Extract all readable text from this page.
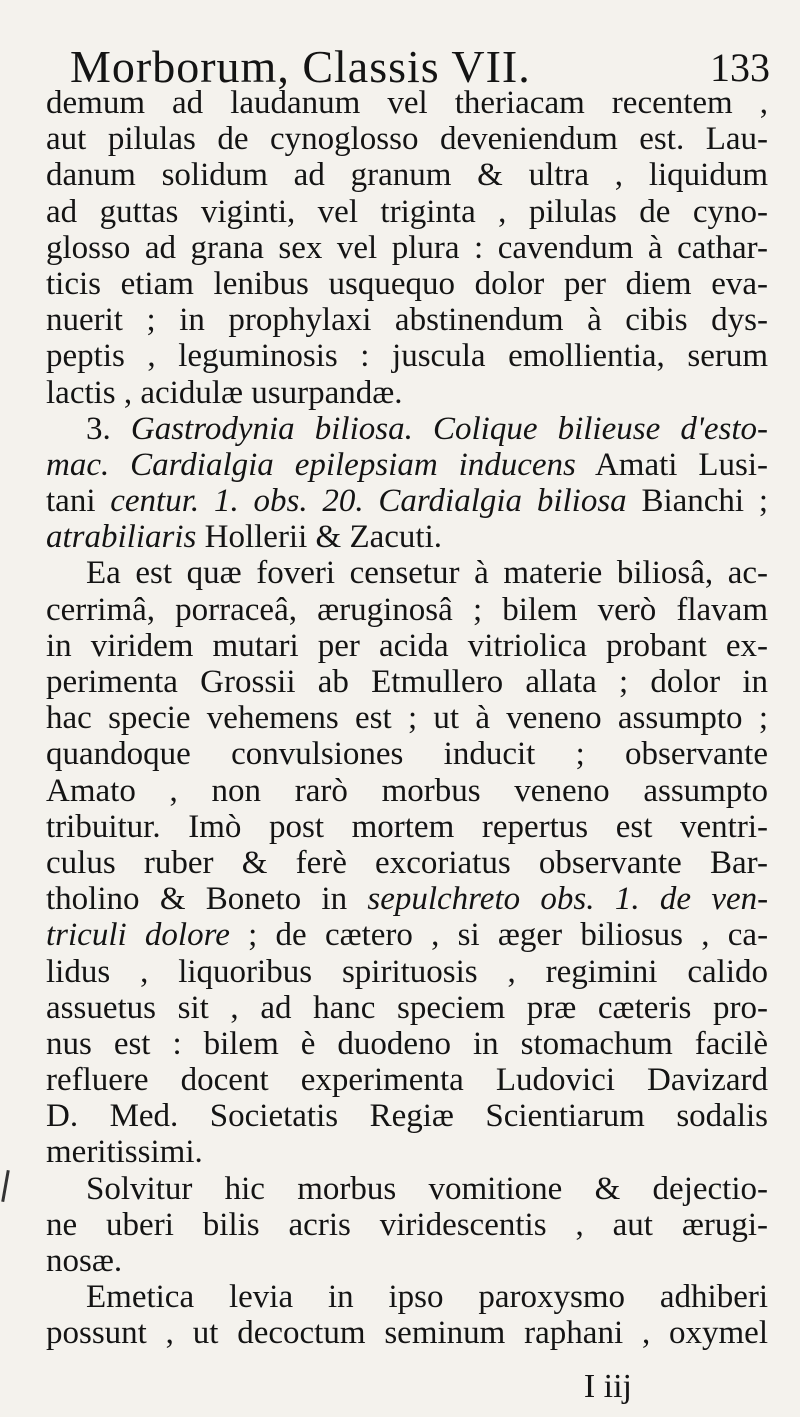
Morborum, Classis VII.	133
demum ad laudanum vel theriacam recentem ,
aut pilulas de cynoglosso deveniendum est. Lau-
danum solidum ad granum & ultra , liquidum
ad guttas viginti, vel triginta , pilulas de cyno-
glosso ad grana sex vel plura : cavendum à cathar-
ticis etiam lenibus usquequo dolor per diem eva-
nuerit ; in prophylaxi abstinendum à cibis dys-
peptis , leguminosis : juscula emollientia, serum
lactis , acidulæ usurpandæ.
3. Gastrodynia biliosa. Colique bilieuse d'esto-
mac. Cardialgia epilepsiam inducens Amati Lusi-
tani centur. 1. obs. 20. Cardialgia biliosa Bianchi ;
atrabiliaris Hollerii & Zacuti.
Ea est quæ foveri censetur à materie biliosâ, ac-
cerrimâ, porraceâ, æruginosâ ; bilem verò flavam
in viridem mutari per acida vitriolica probant ex-
perimenta Grossii ab Etmullero allata ; dolor in
hac specie vehemens est ; ut à veneno assumpto ;
quandoque convulsiones inducit ; observante
Amato , non rarò morbus veneno assumpto
tribuitur. Imò post mortem repertus est ventri-
culus ruber & ferè excoriatus observante Bar-
tholino & Boneto in sepulchreto obs. 1. de ven-
triculi dolore ; de cætero , si æger biliosus , ca-
lidus , liquoribus spirituosis , regimini calido
assuetus sit , ad hanc speciem præ cæteris pro-
nus est : bilem è duodeno in stomachum facilè
refluere docent experimenta Ludovici Davizard
D. Med. Societatis Regiæ Scientiarum sodalis
meritissimi.
Solvitur hic morbus vomitione & dejectio-
ne uberi bilis acris viridescentis , aut ærugi-
nosæ.
Emetica levia in ipso paroxysmo adhiberi
possunt , ut decoctum seminum raphani , oxymel
I iij
